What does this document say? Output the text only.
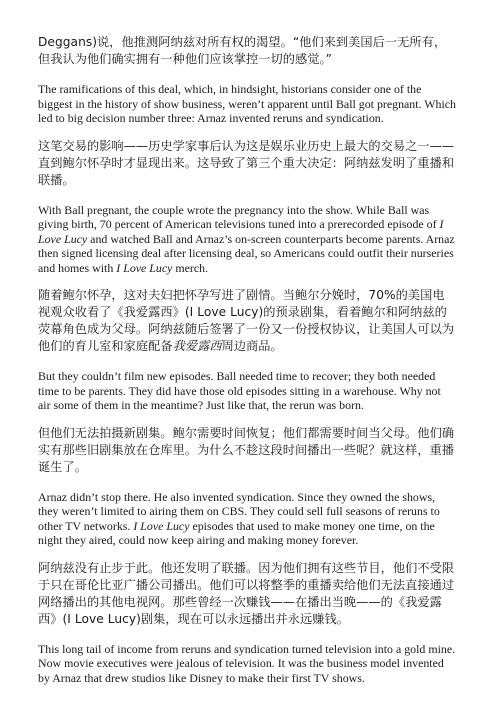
Deggans)说，他推测阿纳兹对所有权的渴望。“他们来到美国后一无所有，但我认为他们确实拥有一种他们应该掌控一切的感觉。”

The ramifications of this deal, which, in hindsight, historians consider one of the biggest in the history of show business, weren’t apparent until Ball got pregnant. Which led to big decision number three: Arnaz invented reruns and syndication.

这笔交易的影响——历史学家事后认为这是娱乐业历史上最大的交易之一——直到鲍尔怀孕时才显现出来。这导致了第三个重大决定：阿纳兹发明了重播和联播。

With Ball pregnant, the couple wrote the pregnancy into the show. While Ball was giving birth, 70 percent of American televisions tuned into a prerecorded episode of I Love Lucy and watched Ball and Arnaz’s on-screen counterparts become parents. Arnaz then signed licensing deal after licensing deal, so Americans could outfit their nurseries and homes with I Love Lucy merch.

随着鲍尔怀孕，这对夫妇把怀孕写进了剧情。当鲍尔分娩时，70%的美国电视观众收看了《我爱露西》(I Love Lucy)的预录剧集，看着鲍尔和阿纳兹的荧幕角色成为父母。阿纳兹随后签署了一份又一份授权协议，让美国人可以为他们的育儿室和家庭配备我爱露西周边商品。

But they couldn’t film new episodes. Ball needed time to recover; they both needed time to be parents. They did have those old episodes sitting in a warehouse. Why not air some of them in the meantime? Just like that, the rerun was born.

但他们无法拍摄新剧集。鲍尔需要时间恢复；他们都需要时间当父母。他们确实有那些旧剧集放在仓库里。为什么不趁这段时间播出一些呢？就这样，重播诞生了。

Arnaz didn’t stop there. He also invented syndication. Since they owned the shows, they weren’t limited to airing them on CBS. They could sell full seasons of reruns to other TV networks. I Love Lucy episodes that used to make money one time, on the night they aired, could now keep airing and making money forever.

阿纳兹没有止步于此。他还发明了联播。因为他们拥有这些节目，他们不受限于只在哥伦比亚广播公司播出。他们可以将整季的重播卖给他们无法直接通过网络播出的其他电视网。那些曾经一次赚钱——在播出当晚——的《我爱露西》(I Love Lucy)剧集，现在可以永远播出并永远赚钱。

This long tail of income from reruns and syndication turned television into a gold mine. Now movie executives were jealous of television. It was the business model invented by Arnaz that drew studios like Disney to make their first TV shows.
